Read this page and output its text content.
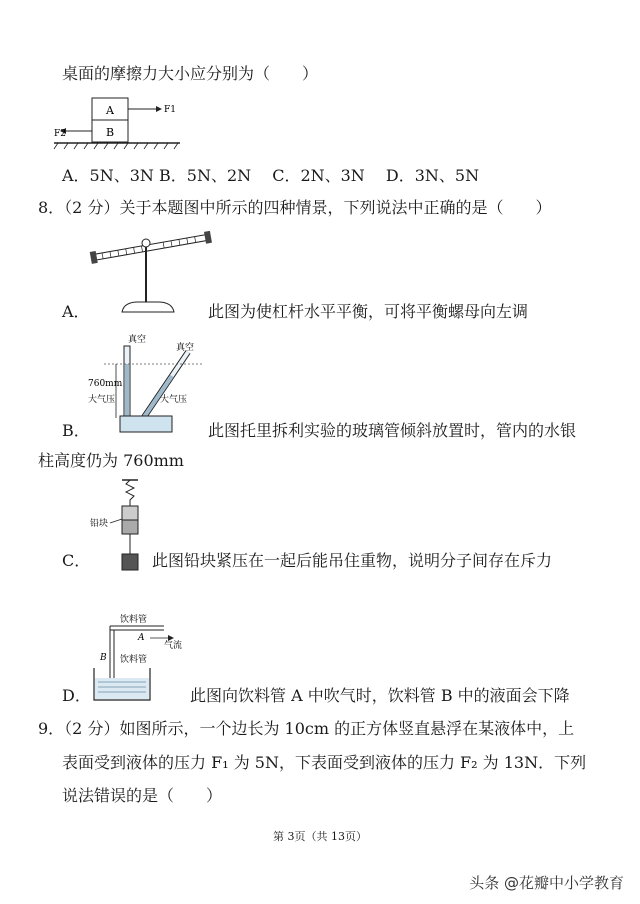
桌面的摩擦力大小应分别为（　　）
A
B
F1
F2
A．5N、3N B．5N、2N　 C．2N、3N　 D．3N、5N
8．（2 分）关于本题图中所示的四种情景，下列说法中正确的是（　　）
A．	此图为使杠杆水平平衡，可将平衡螺母向左调
真空
真空
760mm
大气压	大气压
B．	此图托里拆利实验的玻璃管倾斜放置时，管内的水银
柱高度仍为 760mm
铅块
C．	此图铅块紧压在一起后能吊住重物，说明分子间存在斥力
饮料管
A
气流
B 饮料管
D．	此图向饮料管 A 中吹气时，饮料管 B 中的液面会下降
9．（2 分）如图所示，一个边长为 10cm 的正方体竖直悬浮在某液体中，上
表面受到液体的压力 F₁ 为 5N，下表面受到液体的压力 F₂ 为 13N．下列
说法错误的是（　　）
第 3页（共 13页）
头条 @花瓣中小学教育
